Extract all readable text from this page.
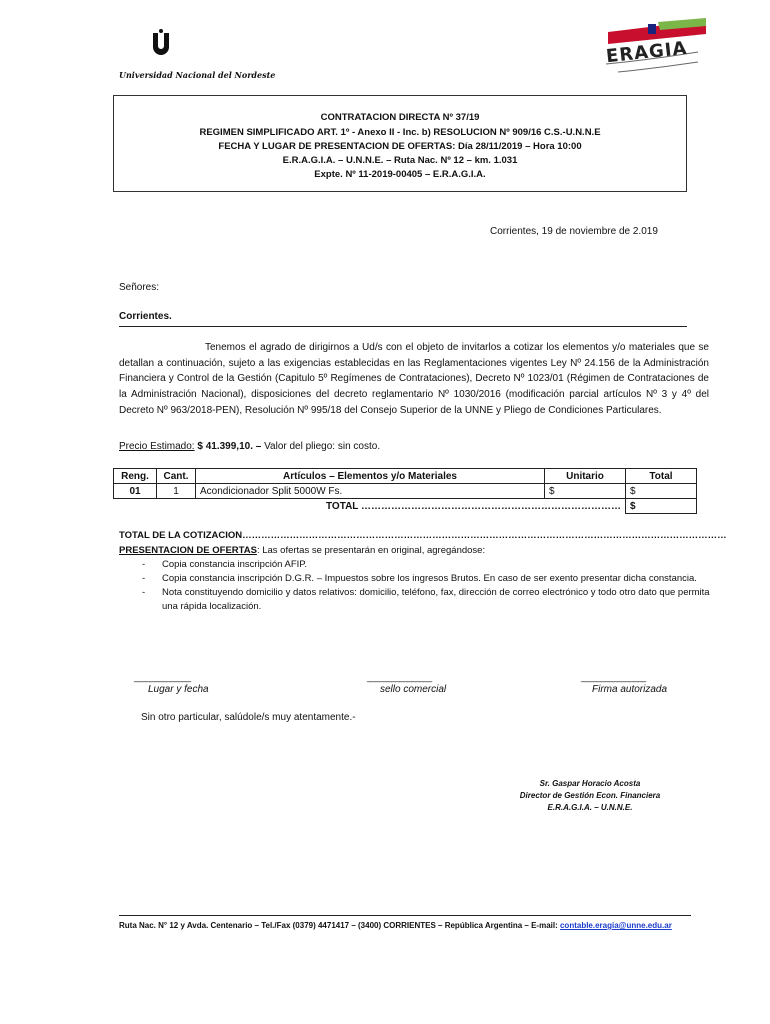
Universidad Nacional del Nordeste
ERAGIA
CONTRATACION DIRECTA Nº 37/19
REGIMEN SIMPLIFICADO ART. 1º - Anexo II - Inc. b) RESOLUCION Nº 909/16 C.S.-U.N.N.E
FECHA Y LUGAR DE PRESENTACION DE OFERTAS: Día 28/11/2019 – Hora 10:00
E.R.A.G.I.A. – U.N.N.E. – Ruta Nac. Nº 12 – km. 1.031
Expte. Nº 11-2019-00405 – E.R.A.G.I.A.
Corrientes, 19 de noviembre de 2.019
Señores:
Corrientes.
Tenemos el agrado de dirigirnos a Ud/s con el objeto de invitarlos a cotizar los elementos y/o materiales que se detallan a continuación, sujeto a las exigencias establecidas en las Reglamentaciones vigentes Ley Nº 24.156 de la Administración Financiera y Control de la Gestión (Capitulo 5º Regímenes de Contrataciones), Decreto Nº 1023/01 (Régimen de Contrataciones de la Administración Nacional), disposiciones del decreto reglamentario Nº 1030/2016 (modificación parcial artículos Nº 3 y 4º del Decreto Nº 963/2018-PEN), Resolución Nº 995/18 del Consejo Superior de la UNNE y Pliego de Condiciones Particulares.
Precio Estimado: $ 41.399,10. – Valor del pliego: sin costo.
Reng.	Cant.	Artículos – Elementos y/o Materiales	Unitario	Total
01	1	Acondicionador Split 5000W Fs.	$	$
TOTAL ……………………………………………………………………				$
TOTAL DE LA COTIZACION………………………………………………………………………………………………………………………………………
PRESENTACION DE OFERTAS: Las ofertas se presentarán en original, agregándose:
- Copia constancia inscripción AFIP.
- Copia constancia inscripción D.G.R. – Impuestos sobre los ingresos Brutos. En caso de ser exento presentar dicha constancia.
- Nota constituyendo domicilio y datos relativos: domicilio, teléfono, fax, dirección de correo electrónico y todo otro dato que permita una rápida localización.
______________
Lugar y fecha
________________
sello comercial
________________
Firma autorizada
Sin otro particular, salúdole/s muy atentamente.-
Sr. Gaspar Horacio Acosta
Director de Gestión Econ. Financiera
E.R.A.G.I.A. – U.N.N.E.
Ruta Nac. N° 12 y Avda. Centenario – Tel./Fax (0379) 4471417 – (3400) CORRIENTES – República Argentina – E-mail: contable.eragia@unne.edu.ar
